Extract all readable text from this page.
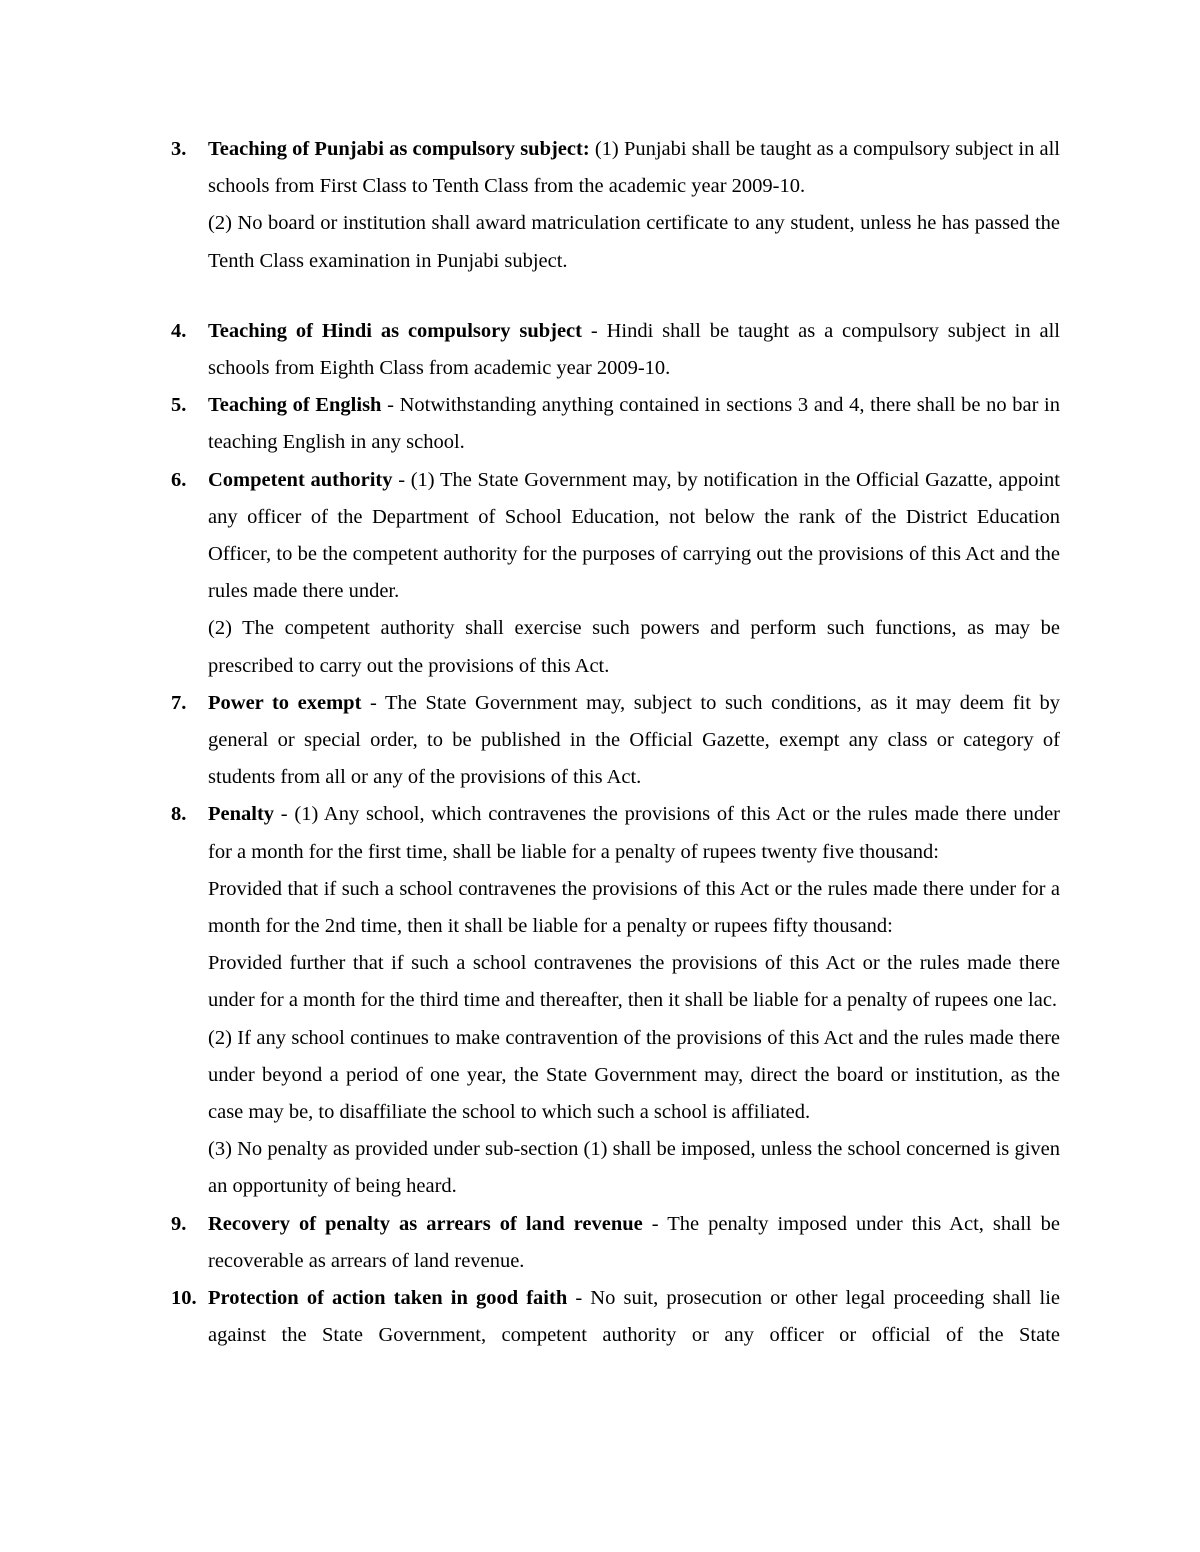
3.	Teaching of Punjabi as compulsory subject: (1) Punjabi shall be taught as a compulsory subject in all schools from First Class to Tenth Class from the academic year 2009-10.

(2) No board or institution shall award matriculation certificate to any student, unless he has passed the Tenth Class examination in Punjabi subject.

4.	Teaching of Hindi as compulsory subject - Hindi shall be taught as a compulsory subject in all schools from Eighth Class from academic year 2009-10.

5.	Teaching of English - Notwithstanding anything contained in sections 3 and 4, there shall be no bar in teaching English in any school.

6.	Competent authority - (1) The State Government may, by notification in the Official Gazatte, appoint any officer of the Department of School Education, not below the rank of the District Education Officer, to be the competent authority for the purposes of carrying out the provisions of this Act and the rules made there under.

(2) The competent authority shall exercise such powers and perform such functions, as may be prescribed to carry out the provisions of this Act.

7.	Power to exempt - The State Government may, subject to such conditions, as it may deem fit by general or special order, to be published in the Official Gazette, exempt any class or category of students from all or any of the provisions of this Act.

8.	Penalty - (1) Any school, which contravenes the provisions of this Act or the rules made there under for a month for the first time, shall be liable for a penalty of rupees twenty five thousand:

Provided that if such a school contravenes the provisions of this Act or the rules made there under for a month for the 2nd time, then it shall be liable for a penalty or rupees fifty thousand:

Provided further that if such a school contravenes the provisions of this Act or the rules made there under for a month for the third time and thereafter, then it shall be liable for a penalty of rupees one lac.

(2) If any school continues to make contravention of the provisions of this Act and the rules made there under beyond a period of one year, the State Government may, direct the board or institution, as the case may be, to disaffiliate the school to which such a school is affiliated.

(3) No penalty as provided under sub-section (1) shall be imposed, unless the school concerned is given an opportunity of being heard.

9.	Recovery of penalty as arrears of land revenue - The penalty imposed under this Act, shall be recoverable as arrears of land revenue.

10. Protection of action taken in good faith - No suit, prosecution or other legal proceeding shall lie against the State Government, competent authority or any officer or official of the State
